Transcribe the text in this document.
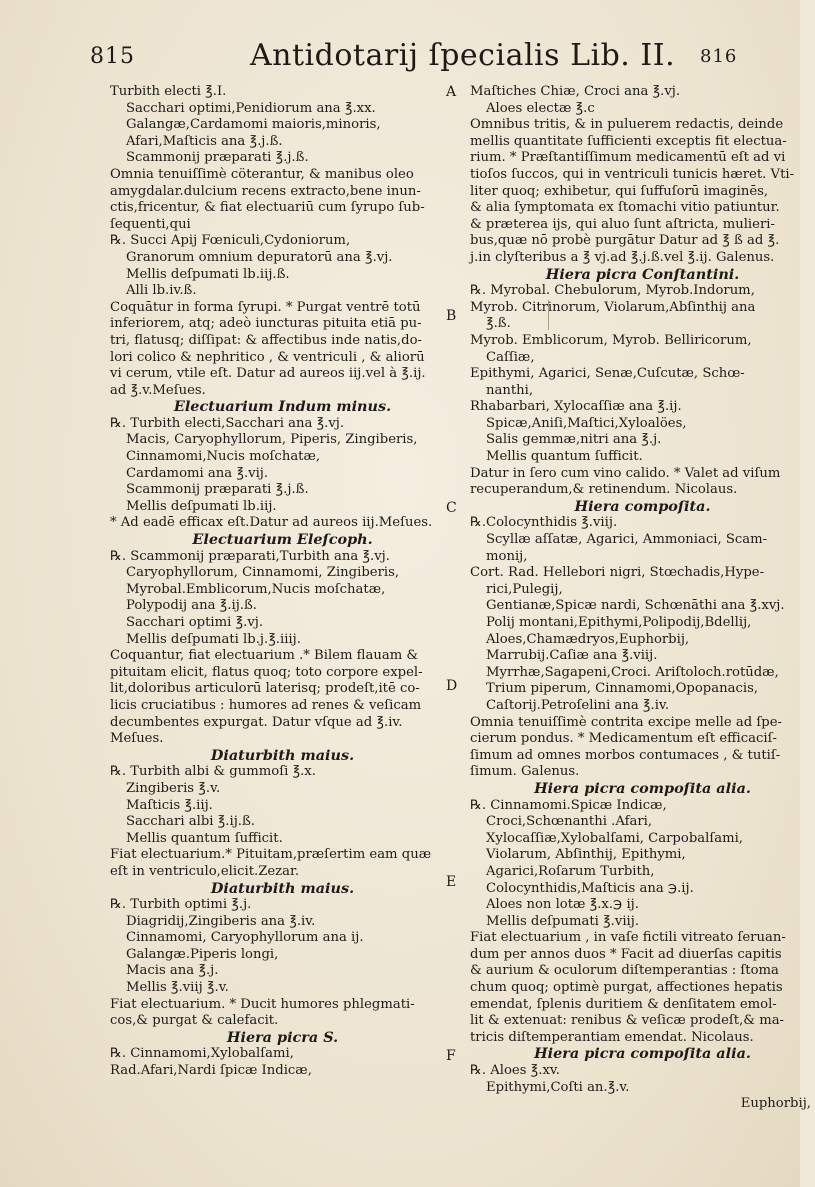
815	Antidotarij ſpecialis Lib. II. 816
Turbith electi ℥.I.
Sacchari optimi,Penidiorum ana ℥.xx.
Galangæ,Cardamomi maioris,minoris,
Afari,Maſticis ana ℥.j.ß.
Scammonij præparati ℥.j.ß.
Omnia tenuiſſimè cöterantur, & manibus oleo
amygdalar.dulcium recens extracto,bene inun-
ctis,fricentur, & fiat electuariū cum ſyrupo ſub-
ſequenti,qui
℞. Succi Apij Fœniculi,Cydoniorum,
Granorum omnium depuratorū ana ℥.vj.
Mellis deſpumati lb.iij.ß.
Alli lb.iv.ß.
Coquātur in forma ſyrupi. * Purgat ventrē totū
inferiorem, atq; adeò iuncturas pituita etiā pu-
tri, flatusq; diſſipat: & affectibus inde natis,do-
lori colico & nephritico , & ventriculi , & aliorū
vi cerum, vtile eſt. Datur ad aureos iij.vel à ℥.ij.
ad ℥.v.Meſues.
Electuarium Indum minus.
℞. Turbith electi,Sacchari ana ℥.vj.
Macis, Caryophyllorum, Piperis, Zingiberis,
Cinnamomi,Nucis moſchatæ,
Cardamomi ana ℥.vij.
Scammonij præparati ℥.j.ß.
Mellis deſpumati lb.iij.
* Ad eadē efficax eſt.Datur ad aureos iij.Meſues.
Electuarium Eleſcoph.
℞. Scammonij præparati,Turbith ana ℥.vj.
Caryophyllorum, Cinnamomi, Zingiberis,
Myrobal.Emblicorum,Nucis moſchatæ,
Polypodij ana ℥.ij.ß.
Sacchari optimi ℥.vj.
Mellis deſpumati lb.j.℥.iiij.
Coquantur, fiat electuarium .* Bilem flauam &
pituitam elicit, flatus quoq; toto corpore expel-
lit,doloribus articulorū laterisq; prodeſt,itē co-
licis cruciatibus : humores ad renes & veſicam
decumbentes expurgat. Datur vſque ad ℥.iv.
Meſues.
Diaturbith maius.
℞. Turbith albi & gummoſi ℥.x.
Zingiberis ℥.v.
Maſticis ℥.iij.
Sacchari albi ℥.ij.ß.
Mellis quantum ſufficit.
Fiat electuarium.* Pituitam,præſertim eam quæ
eſt in ventriculo,elicit.Zezar.
Diaturbith maius.
℞. Turbith optimi ℥.j.
Diagridij,Zingiberis ana ℥.iv.
Cinnamomi, Caryophyllorum ana ij.
Galangæ.Piperis longi,
Macis ana ℥.j.
Mellis ℥.viij ℥.v.
Fiat electuarium. * Ducit humores phlegmati-
cos,& purgat & calefacit.
Hiera picra S.
℞. Cinnamomi,Xylobalſami,
Rad.Afari,Nardi ſpicæ Indicæ,
Maſtiches Chiæ, Croci ana ℥.vj.
Aloes electæ ℥.c
Omnibus tritis, & in puluerem redactis, deinde
mellis quantitate ſufficienti exceptis fit electua-
rium. * Præſtantiſſimum medicamentū eſt ad vi
tioſos ſuccos, qui in ventriculi tunicis hæret. Vti-
liter quoq; exhibetur, qui ſuffuſorū imaginēs,
& alia ſymptomata ex ſtomachi vitio patiuntur.
& præterea ijs, qui aluo ſunt aſtricta, mulieri-
bus,quæ nō probè purgātur Datur ad ℥ ß ad ℥.
j.in clyſteribus a ℥ vj.ad ℥.j.ß.vel ℥.ij. Galenus.
Hiera picra Conſtantini.
℞. Myrobal. Chebulorum, Myrob.Indorum,
Myrob. Citrinorum, Violarum,Abſinthij ana
℥.ß.
Myrob. Emblicorum, Myrob. Belliricorum,
Caſſiæ,
Epithymi, Agarici, Senæ,Cuſcutæ, Schœ-
nanthi,
Rhabarbari, Xylocaſſiæ ana ℥.ij.
Spicæ,Aniſi,Maſtici,Xyloalöes,
Salis gemmæ,nitri ana ℥.j.
Mellis quantum ſufficit.
Datur in ſero cum vino calido. * Valet ad viſum
recuperandum,& retinendum. Nicolaus.
Hiera compoſita.
℞.Colocynthidis ℥.viij.
Scyllæ aſſatæ, Agarici, Ammoniaci, Scam-
monij,
Cort. Rad. Hellebori nigri, Stœchadis,Hype-
rici,Pulegij,
Gentianæ,Spicæ nardi, Schœnāthi ana ℥.xvj.
Polij montani,Epithymi,Polipodij,Bdellij,
Aloes,Chamædryos,Euphorbij,
Marrubij.Caſiæ ana ℥.viij.
Myrrhæ,Sagapeni,Croci. Ariſtoloch.rotūdæ,
Trium piperum, Cinnamomi,Opopanacis,
Caſtorij.Petroſelini ana ℥.iv.
Omnia tenuiſſimè contrita excipe melle ad ſpe-
cierum pondus. * Medicamentum eſt efficaciſ-
ſimum ad omnes morbos contumaces , & tutiſ-
ſimum. Galenus.
Hiera picra compoſita alia.
℞. Cinnamomi.Spicæ Indicæ,
Croci,Schœnanthi .Afari,
Xylocaſſiæ,Xylobalſami, Carpobalſami,
Violarum, Abſinthij, Epithymi,
Agarici,Roſarum Turbith,
Colocynthidis,Maſticis ana ℈.ij.
Aloes non lotæ ℥.x.℈ ij.
Mellis deſpumati ℥.viij.
Fiat electuarium , in vaſe fictili vitreato ſeruan-
dum per annos duos * Facit ad diuerſas capitis
& aurium & oculorum diſtemperantias : ſtoma
chum quoq; optimè purgat, affectiones hepatis
emendat, ſplenis duritiem & denſitatem emol-
lit & extenuat: renibus & veſicæ prodeſt,& ma-
tricis diſtemperantiam emendat. Nicolaus.
Hiera picra compoſita alia.
℞. Aloes ℥.xv.
Epithymi,Coſti an.℥.v.
Euphorbij,
A
B
C
D
E
F
